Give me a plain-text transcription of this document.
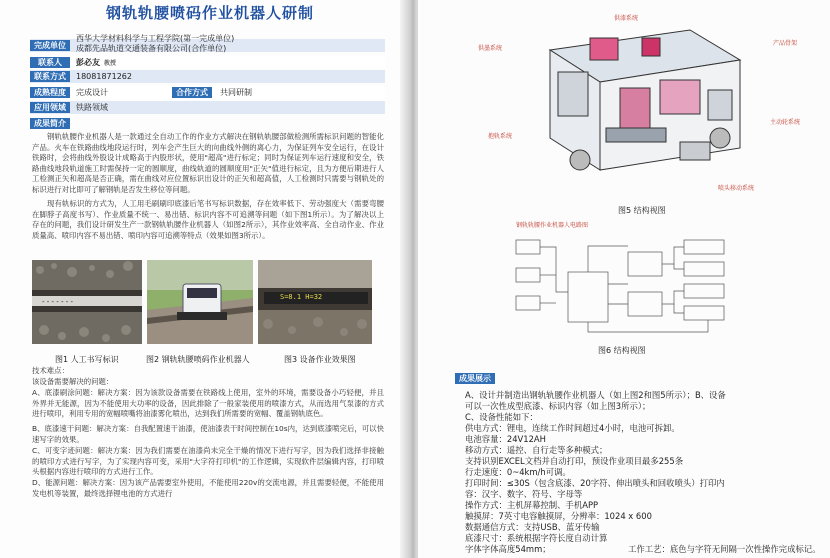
钢轨轨腰喷码作业机器人研制
完成单位
西华大学材料科学与工程学院(第一完成单位)
成都先品轨道交通装备有限公司(合作单位)
联系人	彭必友 教授
联系方式	18081871262
成熟程度	完成设计	合作方式	共同研制
应用领域	铁路领域
成果简介
钢轨轨腰作业机器人是一款通过全自动工作的作业方式解决在钢轨轨腰部做检测所需标识问题的智能化产品。火车在铁路曲线地段运行时，列车会产生巨大的向曲线外侧的离心力，为保证列车安全运行，在设计铁路时，会将曲线外股设计成略高于内股形状，使用"超高"进行标定；同时为保证列车运行速度和安全，铁路曲线地段轨道施工时需保持一定的圆顺度，曲线轨道的圆顺度用"正矢"值进行标定，且为方便后期进行人工检测正矢和超高是否正确，需在曲线对应位置标识出设计的正矢和超高值，人工检测时只需要与钢轨处的标识进行对比即可了解钢轨是否发生移位等问题。
现有轨标识的方式为，人工用毛刷刷印底漆后笔书写标识数据，存在效率低下、劳动强度大（需要弯腰在脚脖子高度书写）、作业质量不统一、易出错、标识内容不可追溯等问题（如下图1所示）。为了解决以上存在的问题，我们设计研发生产一款钢轨轨腰作业机器人（如图2所示），其作业效率高、全自动作业、作业质量高、喷印内容不易出错、喷印内容可追溯等特点（效果如图3所示）。
- - - - - - -
S=8.1 H=32
图1 人工书写标识	图2 钢轨轨腰喷码作业机器人	图3 设备作业效果图
技术难点：
该设备需要解决的问题：
A、底漆刷涂问题：解决方案：因为该款设备需要在铁路线上使用，室外的环境，需要设备小巧轻便，并且外界并无能源，因为不能使用大功率的设备，因此排除了一般家装使用的喷漆方式，从而选用气泵漆的方式进行喷印，利用专用的宽幅喷嘴将油漆雾化喷出，达到我们所需要的宽幅、覆盖钢轨底色。
B、底漆速干问题：解决方案：自我配置速干油漆，使油漆表干时间控制在10s内，达到底漆喷完后，可以快速写字的效果。
C、可变字迹问题：解决方案：因为我们需要在油漆尚未完全干燥的情况下进行写字，因为我们选择非接触的喷印方式进行写字，为了实现内容可变，采用"大字符打印机"的工作逻辑，实现软件层编辑内容，打印喷头根据内容进行喷印的方式进行工作。
D、能源问题：解决方案：因为该产品需要室外使用，不能使用220v的交流电源，并且需要轻便，不能使用发电机等装置，最终选择锂电池的方式进行
供漆系统
供墨系统
产品骨架
抱轨系统
主动轮系统
喷头移动系统
图5 结构视图
钢轨轨腰作业机器人电路图
图6 结构视图
成果展示
A、设计并制造出钢轨轨腰作业机器人（如上图2和图5所示）；B、设备
可以一次性成型底漆、标识内容（如上图3所示）；
C、设备性能如下：
供电方式：锂电，连续工作时间超过4小时，电池可拆卸。
电池容量：24V12AH
移动方式：遥控、自行走等多种模式；
支持识别EXCEL文档并自动打印，预设作业项目最多255条
行走速度：0~4km/h可调。
打印时间：≤30S（包含底漆、20字符、伸出喷头和回收喷头）打印内
容：汉字、数字、符号、字母等
操作方式：主机屏幕控制、手机APP
触摸屏：7英寸电容触摸屏，分辨率：1024 x 600
数据通信方式：支持USB、蓝牙传输
底漆尺寸：系统根据字符长度自动计算
字体字体高度54mm；	工作工艺：底色与字符无间隔一次性操作完成标记。
